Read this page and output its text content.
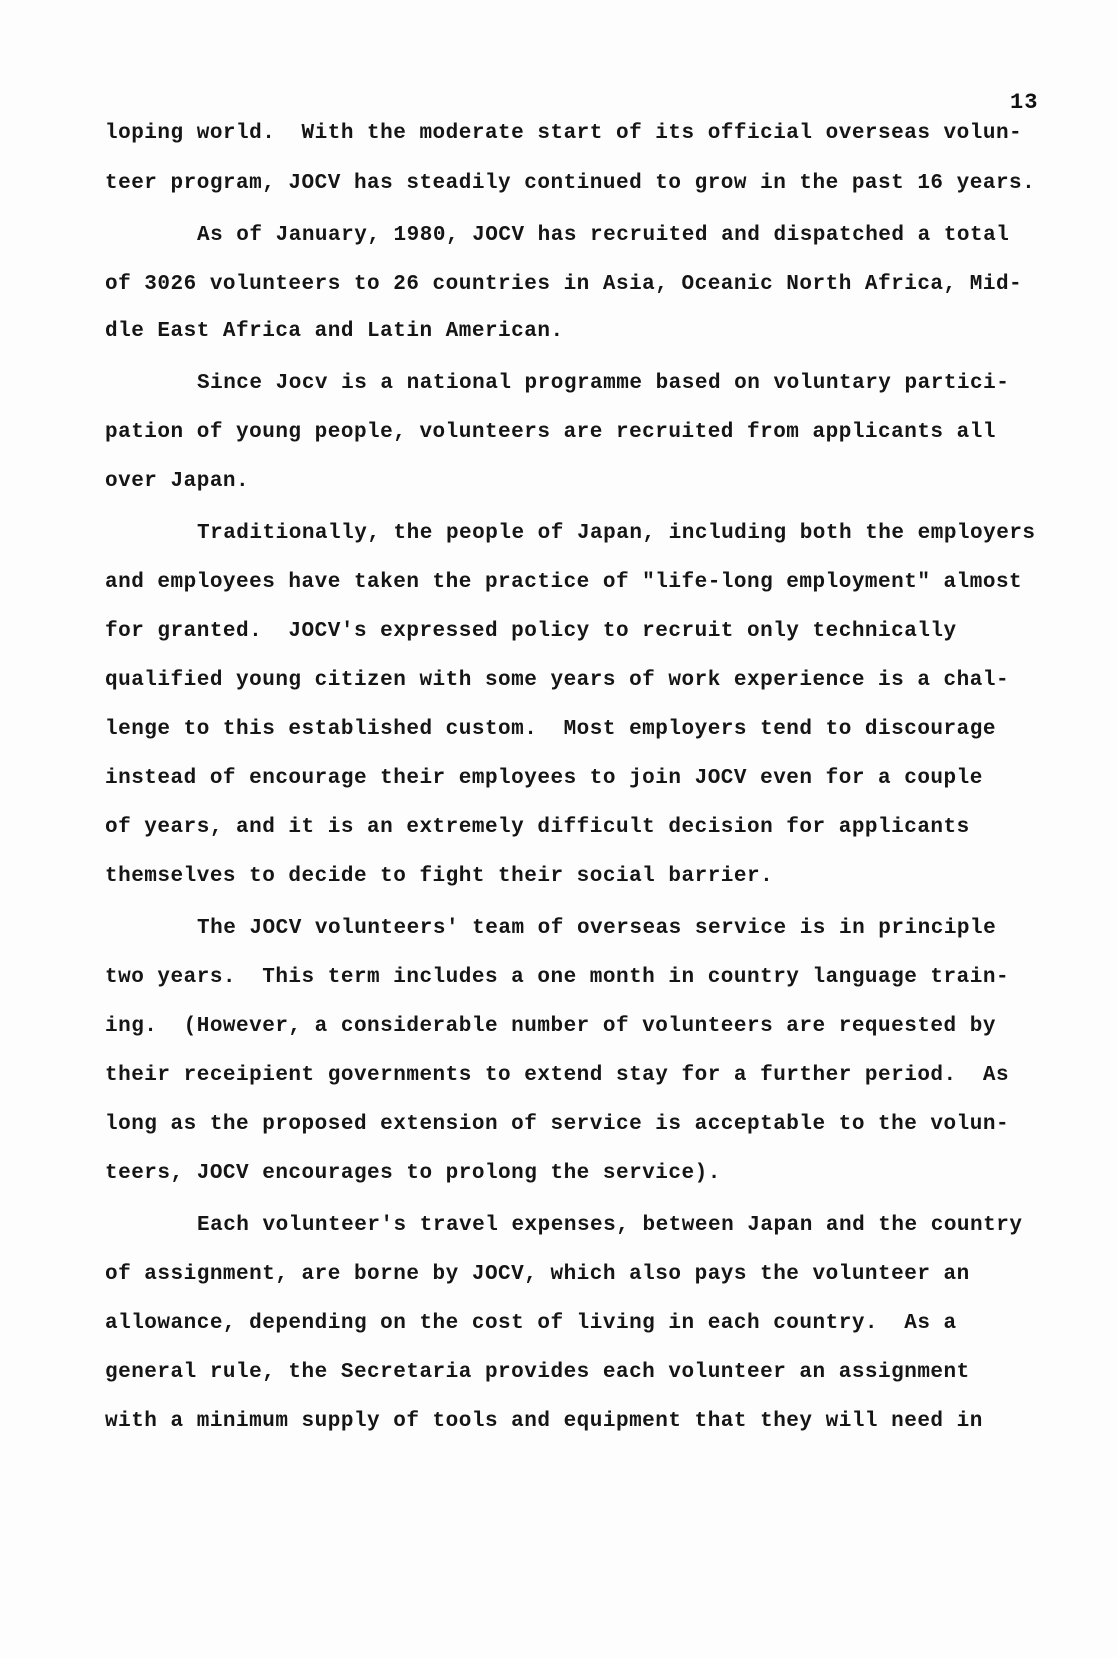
13
loping world.  With the moderate start of its official overseas volun-
teer program, JOCV has steadily continued to grow in the past 16 years.
As of January, 1980, JOCV has recruited and dispatched a total
of 3026 volunteers to 26 countries in Asia, Oceanic North Africa, Mid-
dle East Africa and Latin American.
Since Jocv is a national programme based on voluntary partici-
pation of young people, volunteers are recruited from applicants all
over Japan.
Traditionally, the people of Japan, including both the employers
and employees have taken the practice of "life-long employment" almost
for granted.  JOCV's expressed policy to recruit only technically
qualified young citizen with some years of work experience is a chal-
lenge to this established custom.  Most employers tend to discourage
instead of encourage their employees to join JOCV even for a couple
of years, and it is an extremely difficult decision for applicants
themselves to decide to fight their social barrier.
The JOCV volunteers' team of overseas service is in principle
two years.  This term includes a one month in country language train-
ing.  (However, a considerable number of volunteers are requested by
their receipient governments to extend stay for a further period.  As
long as the proposed extension of service is acceptable to the volun-
teers, JOCV encourages to prolong the service).
Each volunteer's travel expenses, between Japan and the country
of assignment, are borne by JOCV, which also pays the volunteer an
allowance, depending on the cost of living in each country.  As a
general rule, the Secretaria provides each volunteer an assignment
with a minimum supply of tools and equipment that they will need in
